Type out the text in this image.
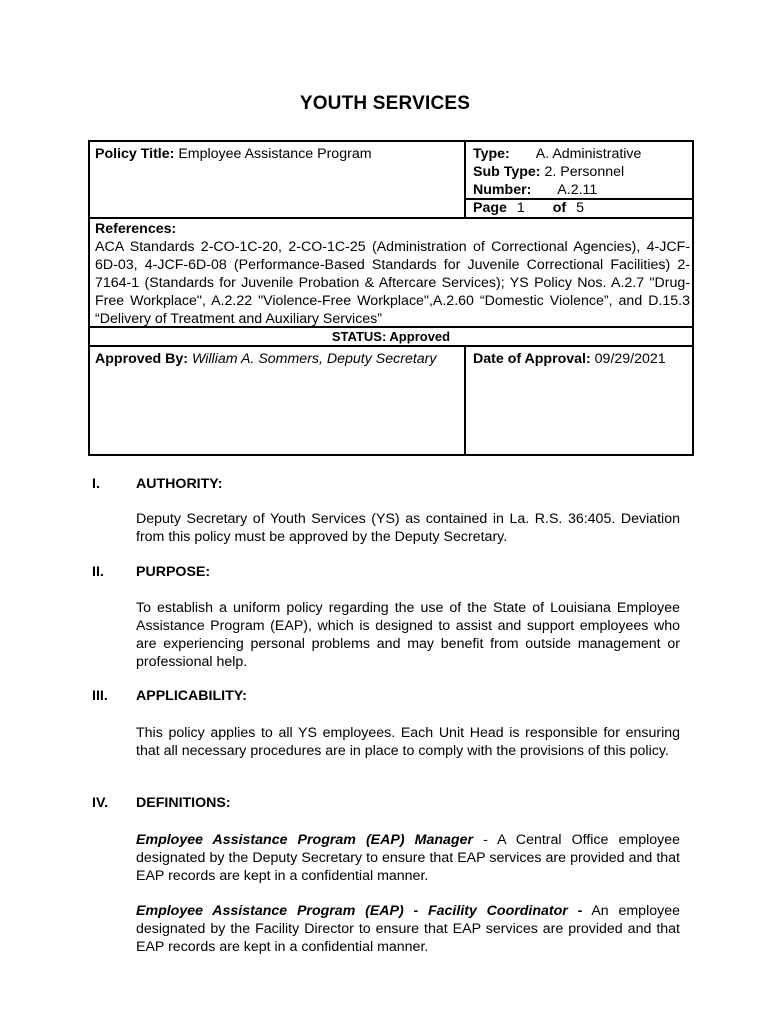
YOUTH SERVICES
Policy Title: Employee Assistance Program	Type: A. Administrative
Sub Type: 2. Personnel
Number: A.2.11
Page 1 of 5
References:
ACA Standards 2-CO-1C-20, 2-CO-1C-25 (Administration of Correctional Agencies), 4-JCF-6D-03, 4-JCF-6D-08 (Performance-Based Standards for Juvenile Correctional Facilities) 2-7164-1 (Standards for Juvenile Probation & Aftercare Services); YS Policy Nos. A.2.7 "Drug-Free Workplace", A.2.22 "Violence-Free Workplace",A.2.60 “Domestic Violence”, and D.15.3 “Delivery of Treatment and Auxiliary Services”
STATUS: Approved
Approved By: William A. Sommers, Deputy Secretary	Date of Approval: 09/29/2021
I.	AUTHORITY:
Deputy Secretary of Youth Services (YS) as contained in La. R.S. 36:405. Deviation from this policy must be approved by the Deputy Secretary.
II. PURPOSE:
To establish a uniform policy regarding the use of the State of Louisiana Employee Assistance Program (EAP), which is designed to assist and support employees who are experiencing personal problems and may benefit from outside management or professional help.
III. APPLICABILITY:
This policy applies to all YS employees. Each Unit Head is responsible for ensuring that all necessary procedures are in place to comply with the provisions of this policy.
IV. DEFINITIONS:
Employee Assistance Program (EAP) Manager - A Central Office employee designated by the Deputy Secretary to ensure that EAP services are provided and that EAP records are kept in a confidential manner.
Employee Assistance Program (EAP) - Facility Coordinator - An employee designated by the Facility Director to ensure that EAP services are provided and that EAP records are kept in a confidential manner.
